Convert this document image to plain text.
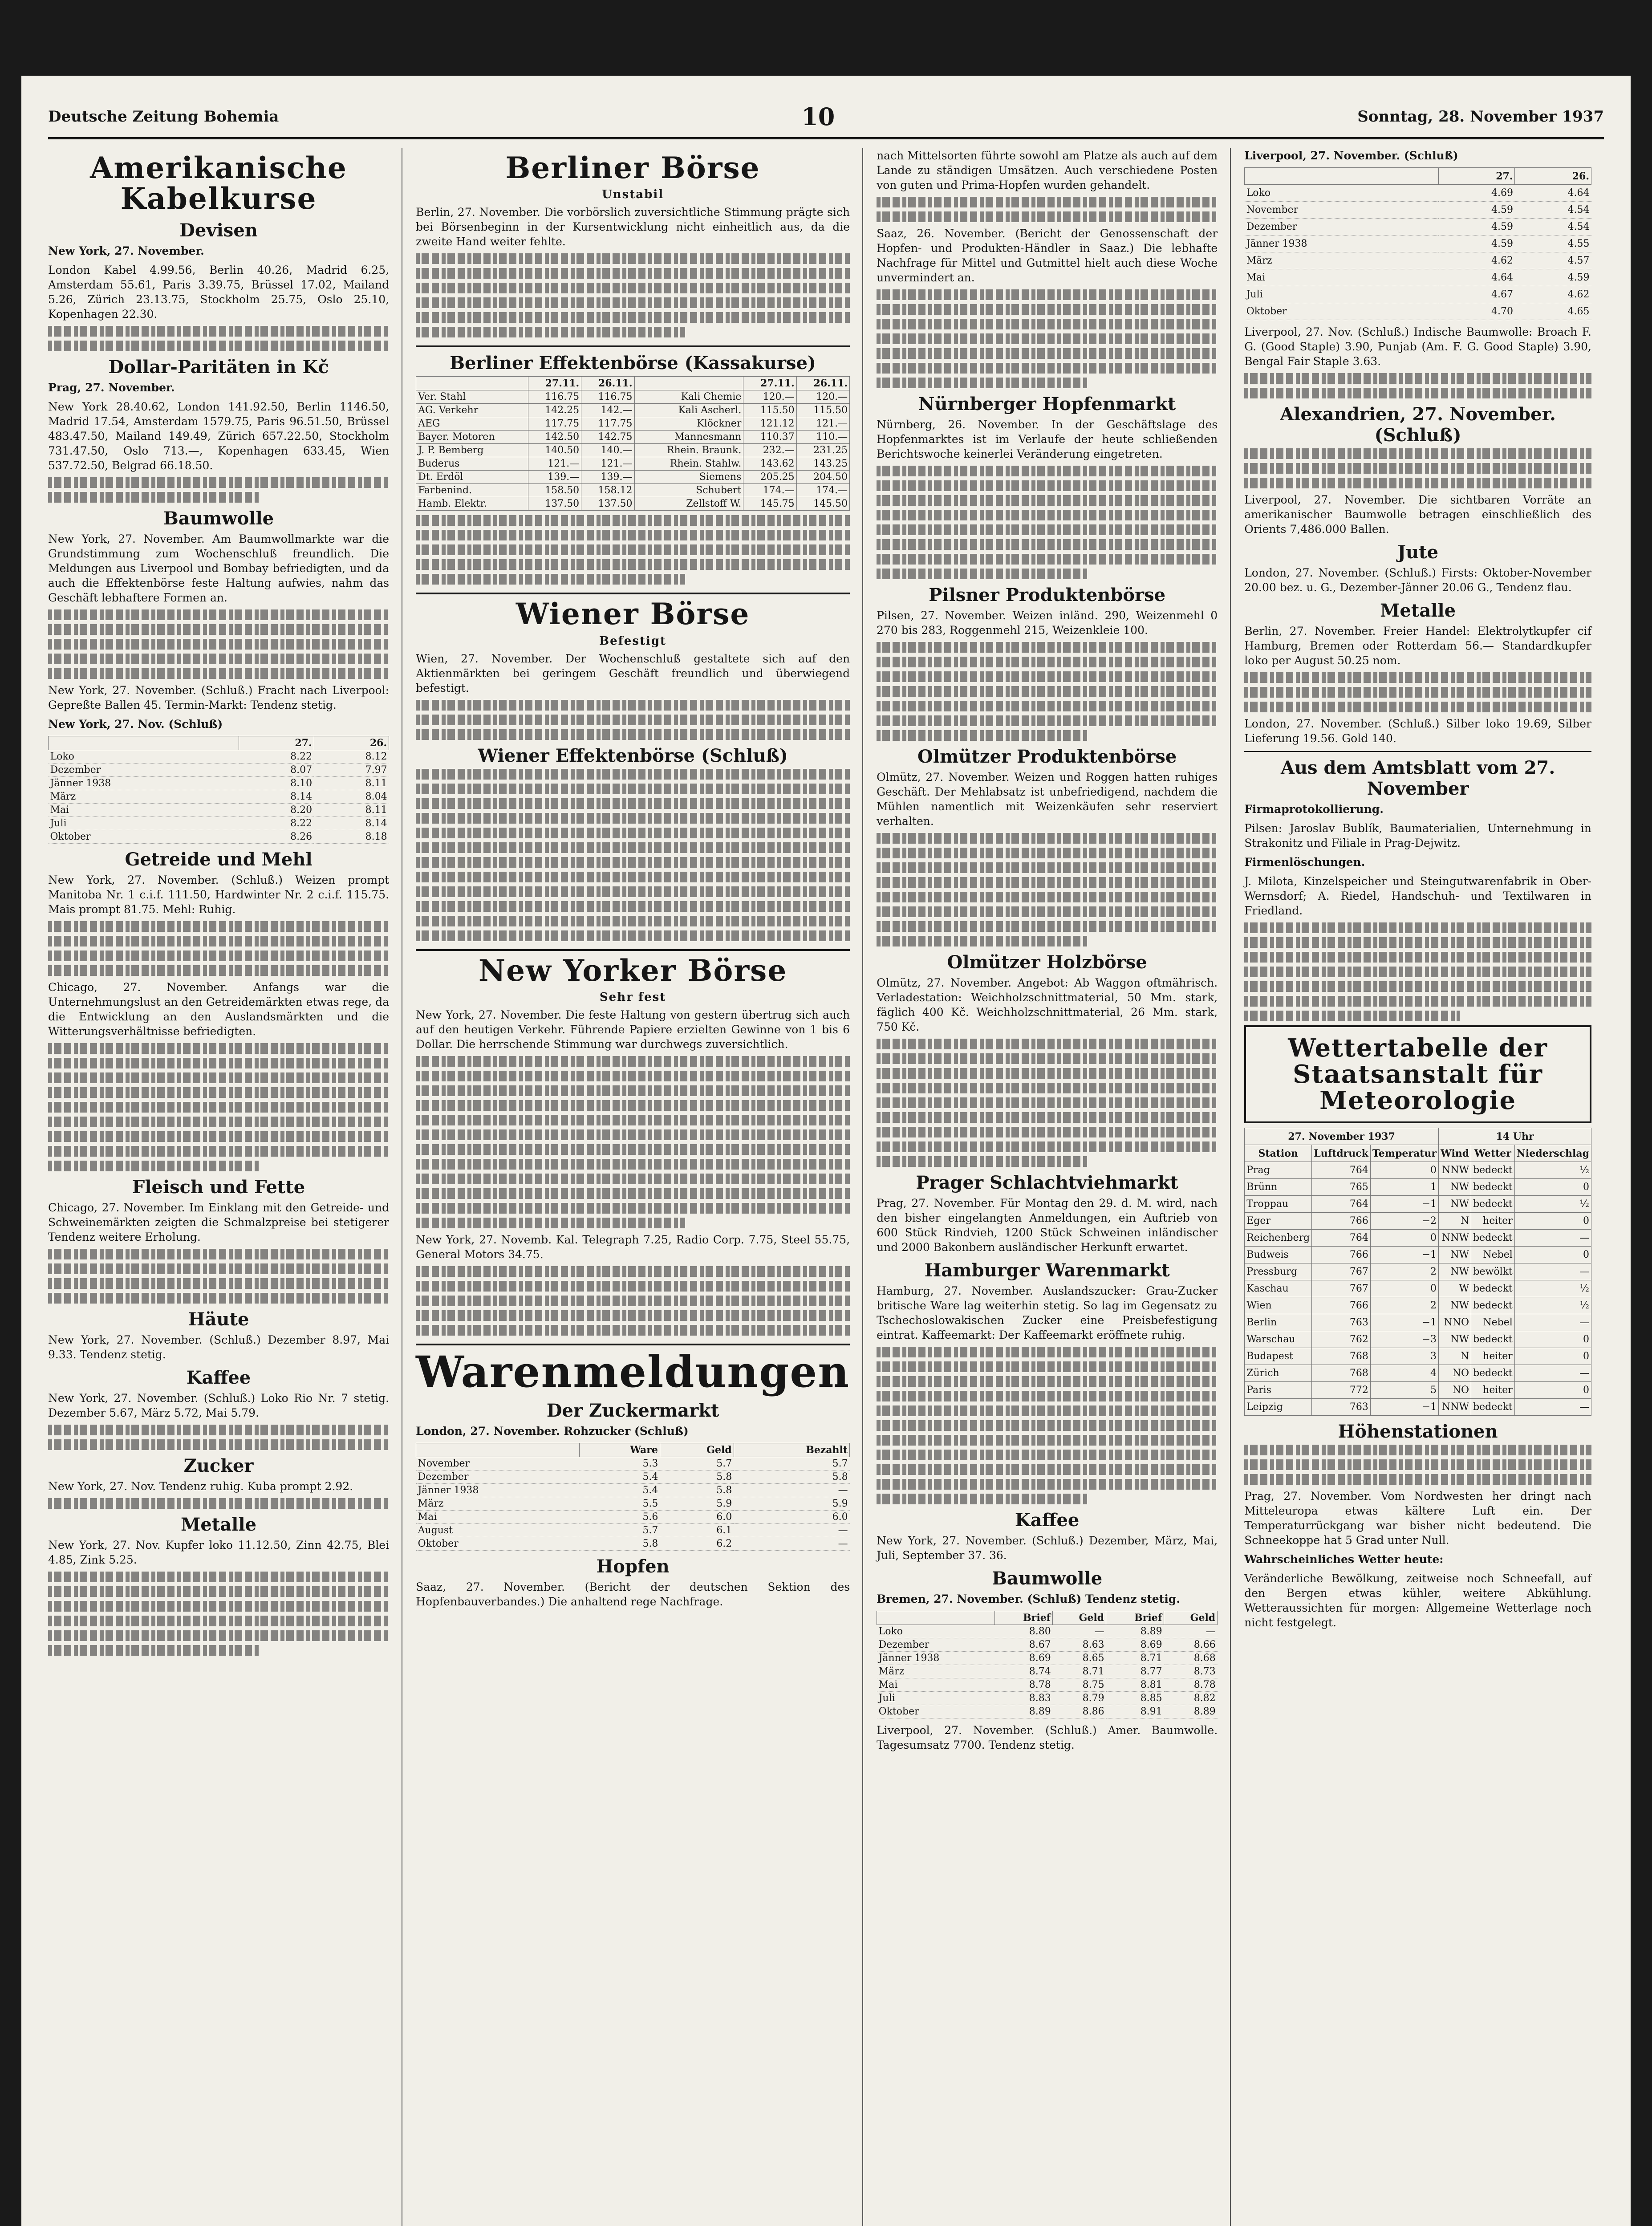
Deutsche Zeitung Bohemia	10	Sonntag, 28. November 1937
Amerikanische Kabelkurse
Devisen

New York, 27. November.

London Kabel 4.99.56, Berlin 40.26, Madrid 6.25, Amsterdam 55.61, Paris 3.39.75, Brüssel 17.02, Mailand 5.26, Zürich 23.13.75, Stockholm 25.75, Oslo 25.10, Kopenhagen 22.30.

Dollar-Paritäten in Kč

Prag, 27. November.

New York 28.40.62, London 141.92.50, Berlin 1146.50, Madrid 17.54, Amsterdam 1579.75, Paris 96.51.50, Brüssel 483.47.50, Mailand 149.49, Zürich 657.22.50, Stockholm 731.47.50, Oslo 713.—, Kopenhagen 633.45, Wien 537.72.50, Belgrad 66.18.50.

Baumwolle

New York, 27. November. Am Baumwollmarkte war die Grundstimmung zum Wochenschluß freundlich. Die Meldungen aus Liverpool und Bombay befriedigten, und da auch die Effektenbörse feste Haltung aufwies, nahm das Geschäft lebhaftere Formen an.

New York, 27. November. (Schluß.) Fracht nach Liverpool: Gepreßte Ballen 45. Termin-Markt: Tendenz stetig.

New York, 27. Nov. (Schluß)

	27.	26.
Loko	8.22	8.12
Dezember	8.07	7.97
Jänner 1938	8.10	8.11
März	8.14	8.04
Mai	8.20	8.11
Juli	8.22	8.14
Oktober	8.26	8.18
Getreide und Mehl

New York, 27. November. (Schluß.) Weizen prompt Manitoba Nr. 1 c.i.f. 111.50, Hardwinter Nr. 2 c.i.f. 115.75. Mais prompt 81.75. Mehl: Ruhig.

Chicago, 27. November. Anfangs war die Unternehmungslust an den Getreidemärkten etwas rege, da die Entwicklung an den Auslandsmärkten und die Witterungsverhältnisse befriedigten.

Fleisch und Fette

Chicago, 27. November. Im Einklang mit den Getreide- und Schweinemärkten zeigten die Schmalzpreise bei stetigerer Tendenz weitere Erholung.

Häute

New York, 27. November. (Schluß.) Dezember 8.97, Mai 9.33. Tendenz stetig.

Kaffee

New York, 27. November. (Schluß.) Loko Rio Nr. 7 stetig. Dezember 5.67, März 5.72, Mai 5.79.

Zucker

New York, 27. Nov. Tendenz ruhig. Kuba prompt 2.92.

Metalle

New York, 27. Nov. Kupfer loko 11.12.50, Zinn 42.75, Blei 4.85, Zink 5.25.

Berliner Börse
Unstabil

Berlin, 27. November. Die vorbörslich zuversichtliche Stimmung prägte sich bei Börsenbeginn in der Kursentwicklung nicht einheitlich aus, da die zweite Hand weiter fehlte.

Berliner Effektenbörse (Kassakurse)
	27.11.	26.11.		27.11.	26.11.
Ver. Stahl	116.75	116.75	Kali Chemie	120.—	120.—
AG. Verkehr	142.25	142.—	Kali Ascherl.	115.50	115.50
AEG	117.75	117.75	Klöckner	121.12	121.—
Bayer. Motoren	142.50	142.75	Mannesmann	110.37	110.—
J. P. Bemberg	140.50	140.—	Rhein. Braunk.	232.—	231.25
Buderus	121.—	121.—	Rhein. Stahlw.	143.62	143.25
Dt. Erdöl	139.—	139.—	Siemens	205.25	204.50
Farbenind.	158.50	158.12	Schubert	174.—	174.—
Hamb. Elektr.	137.50	137.50	Zellstoff W.	145.75	145.50
Wiener Börse
Befestigt

Wien, 27. November. Der Wochenschluß gestaltete sich auf den Aktienmärkten bei geringem Geschäft freundlich und überwiegend befestigt.

Wiener Effektenbörse (Schluß)
New Yorker Börse
Sehr fest

New York, 27. November. Die feste Haltung von gestern übertrug sich auch auf den heutigen Verkehr. Führende Papiere erzielten Gewinne von 1 bis 6 Dollar. Die herrschende Stimmung war durchwegs zuversichtlich.

New York, 27. Novemb. Kal. Telegraph 7.25, Radio Corp. 7.75, Steel 55.75, General Motors 34.75.

Warenmeldungen
Der Zuckermarkt

London, 27. November. Rohzucker (Schluß)

	Ware	Geld	Bezahlt
November	5.3	5.7	5.7
Dezember	5.4	5.8	5.8
Jänner 1938	5.4	5.8	—
März	5.5	5.9	5.9
Mai	5.6	6.0	6.0
August	5.7	6.1	—
Oktober	5.8	6.2	—
Hopfen

Saaz, 27. November. (Bericht der deutschen Sektion des Hopfenbauverbandes.) Die anhaltend rege Nachfrage.

nach Mittelsorten führte sowohl am Platze als auch auf dem Lande zu ständigen Umsätzen. Auch verschiedene Posten von guten und Prima-Hopfen wurden gehandelt.

Saaz, 26. November. (Bericht der Genossenschaft der Hopfen- und Produkten-Händler in Saaz.) Die lebhafte Nachfrage für Mittel und Gutmittel hielt auch diese Woche unvermindert an.

Nürnberger Hopfenmarkt

Nürnberg, 26. November. In der Geschäftslage des Hopfenmarktes ist im Verlaufe der heute schließenden Berichtswoche keinerlei Veränderung eingetreten.

Pilsner Produktenbörse

Pilsen, 27. November. Weizen inländ. 290, Weizenmehl 0 270 bis 283, Roggenmehl 215, Weizenkleie 100.

Olmützer Produktenbörse

Olmütz, 27. November. Weizen und Roggen hatten ruhiges Geschäft. Der Mehlabsatz ist unbefriedigend, nachdem die Mühlen namentlich mit Weizenkäufen sehr reserviert verhalten.

Olmützer Holzbörse

Olmütz, 27. November. Angebot: Ab Waggon oftmährisch. Verladestation: Weichholzschnittmaterial, 50 Mm. stark, fäglich 400 Kč. Weichholzschnittmaterial, 26 Mm. stark, 750 Kč.

Prager Schlachtviehmarkt

Prag, 27. November. Für Montag den 29. d. M. wird, nach den bisher eingelangten Anmeldungen, ein Auftrieb von 600 Stück Rindvieh, 1200 Stück Schweinen inländischer und 2000 Bakonbern ausländischer Herkunft erwartet.

Hamburger Warenmarkt

Hamburg, 27. November. Auslandszucker: Grau-Zucker britische Ware lag weiterhin stetig. So lag im Gegensatz zu Tschechoslowakischen Zucker eine Preisbefestigung eintrat. Kaffeemarkt: Der Kaffeemarkt eröffnete ruhig.

Kaffee

New York, 27. November. (Schluß.) Dezember, März, Mai, Juli, September 37. 36.

Baumwolle

Bremen, 27. November. (Schluß) Tendenz stetig.

	Brief	Geld	Brief	Geld
Loko	8.80	—	8.89	—
Dezember	8.67	8.63	8.69	8.66
Jänner 1938	8.69	8.65	8.71	8.68
März	8.74	8.71	8.77	8.73
Mai	8.78	8.75	8.81	8.78
Juli	8.83	8.79	8.85	8.82
Oktober	8.89	8.86	8.91	8.89

Liverpool, 27. November. (Schluß.) Amer. Baumwolle. Tagesumsatz 7700. Tendenz stetig.

Liverpool, 27. November. (Schluß)

	27.	26.
Loko	4.69	4.64
November	4.59	4.54
Dezember	4.59	4.54
Jänner 1938	4.59	4.55
März	4.62	4.57
Mai	4.64	4.59
Juli	4.67	4.62
Oktober	4.70	4.65

Liverpool, 27. Nov. (Schluß.) Indische Baumwolle: Broach F. G. (Good Staple) 3.90, Punjab (Am. F. G. Good Staple) 3.90, Bengal Fair Staple 3.63.

Alexandrien, 27. November. (Schluß)

Liverpool, 27. November. Die sichtbaren Vorräte an amerikanischer Baumwolle betragen einschließlich des Orients 7,486.000 Ballen.

Jute

London, 27. November. (Schluß.) Firsts: Oktober-November 20.00 bez. u. G., Dezember-Jänner 20.06 G., Tendenz flau.

Metalle

Berlin, 27. November. Freier Handel: Elektrolytkupfer cif Hamburg, Bremen oder Rotterdam 56.— Standardkupfer loko per August 50.25 nom.

London, 27. November. (Schluß.) Silber loko 19.69, Silber Lieferung 19.56. Gold 140.

Aus dem Amtsblatt vom 27. November

Firmaprotokollierung.

Pilsen: Jaroslav Bublík, Baumaterialien, Unternehmung in Strakonitz und Filiale in Prag-Dejwitz.

Firmenlöschungen.

J. Milota, Kinzelspeicher und Steingutwarenfabrik in Ober-Wernsdorf; A. Riedel, Handschuh- und Textilwaren in Friedland.

Wettertabelle der Staatsanstalt für Meteorologie
27. November 1937			14 Uhr		
Station	Luftdruck	Temperatur	Wind	Wetter	Niederschlag
Prag	764	0	NNW	bedeckt	½
Brünn	765	1	NW	bedeckt	0
Troppau	764	−1	NW	bedeckt	½
Eger	766	−2	N	heiter	0
Reichenberg	764	0	NNW	bedeckt	—
Budweis	766	−1	NW	Nebel	0
Pressburg	767	2	NW	bewölkt	—
Kaschau	767	0	W	bedeckt	½
Wien	766	2	NW	bedeckt	½
Berlin	763	−1	NNO	Nebel	—
Warschau	762	−3	NW	bedeckt	0
Budapest	768	3	N	heiter	0
Zürich	768	4	NO	bedeckt	—
Paris	772	5	NO	heiter	0
Leipzig	763	−1	NNW	bedeckt	—
Höhenstationen

Prag, 27. November. Vom Nordwesten her dringt nach Mitteleuropa etwas kältere Luft ein. Der Temperaturrückgang war bisher nicht bedeutend. Die Schneekoppe hat 5 Grad unter Null.

Wahrscheinliches Wetter heute:

Veränderliche Bewölkung, zeitweise noch Schneefall, auf den Bergen etwas kühler, weitere Abkühlung. Wetteraussichten für morgen: Allgemeine Wetterlage noch nicht festgelegt.
